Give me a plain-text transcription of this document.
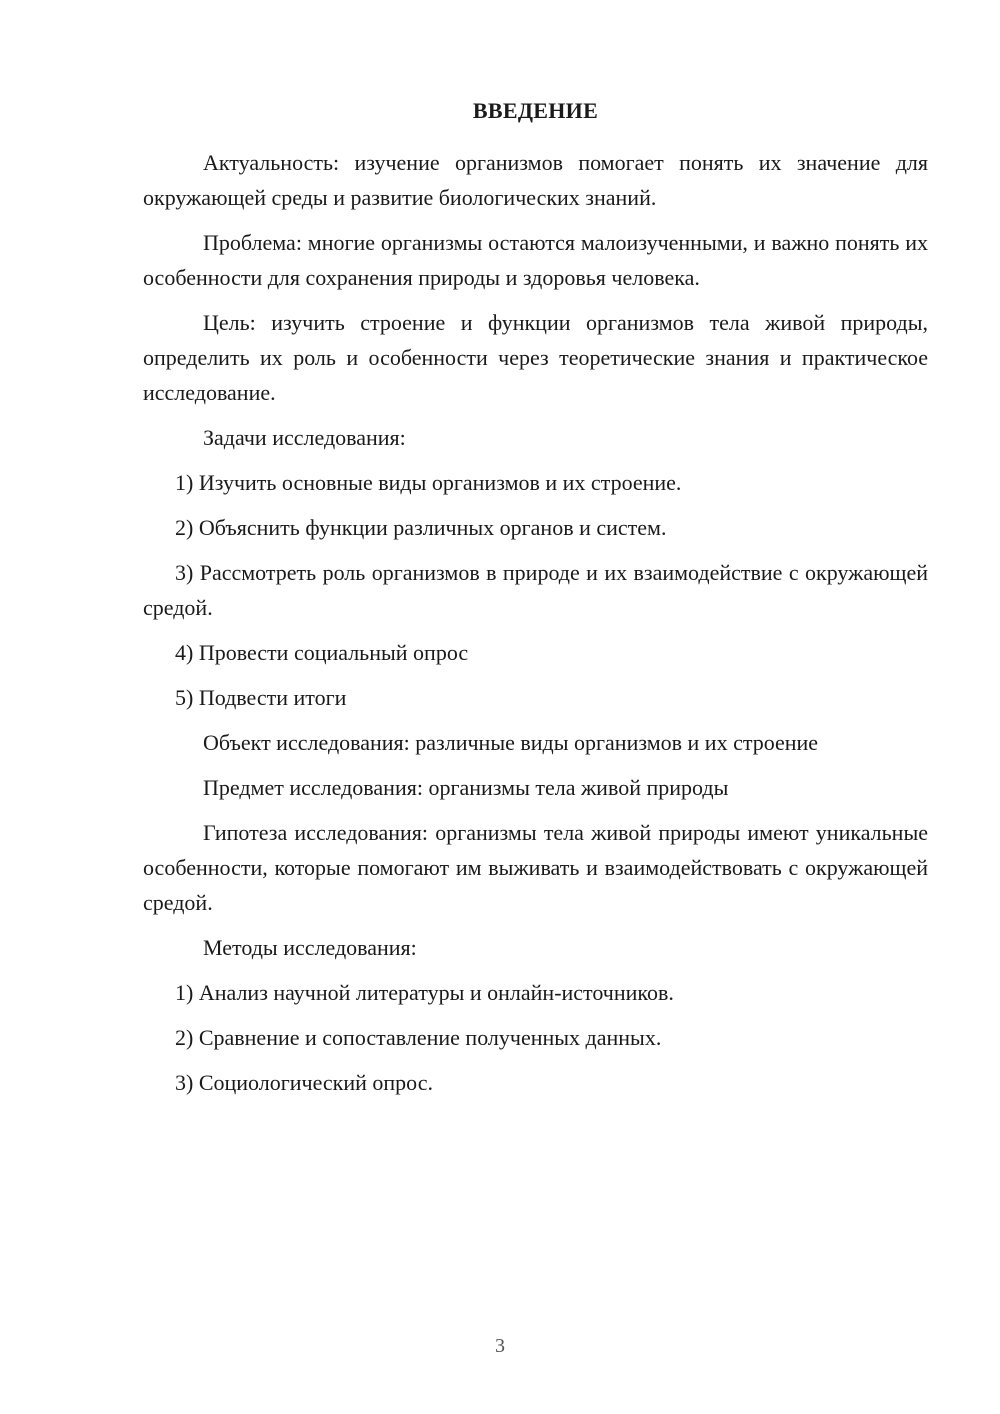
ВВЕДЕНИЕ

Актуальность: изучение организмов помогает понять их значение для окружающей среды и развитие биологических знаний.

Проблема: многие организмы остаются малоизученными, и важно понять их особенности для сохранения природы и здоровья человека.

Цель: изучить строение и функции организмов тела живой природы, определить их роль и особенности через теоретические знания и практическое исследование.

Задачи исследования:

1) Изучить основные виды организмов и их строение.

2) Объяснить функции различных органов и систем.

3) Рассмотреть роль организмов в природе и их взаимодействие с окружающей средой.

4) Провести социальный опрос

5) Подвести итоги

Объект исследования: различные виды организмов и их строение

Предмет исследования: организмы тела живой природы

Гипотеза исследования: организмы тела живой природы имеют уникальные особенности, которые помогают им выживать и взаимодействовать с окружающей средой.

Методы исследования:

1) Анализ научной литературы и онлайн-источников.

2) Сравнение и сопоставление полученных данных.

3) Социологический опрос.

3
